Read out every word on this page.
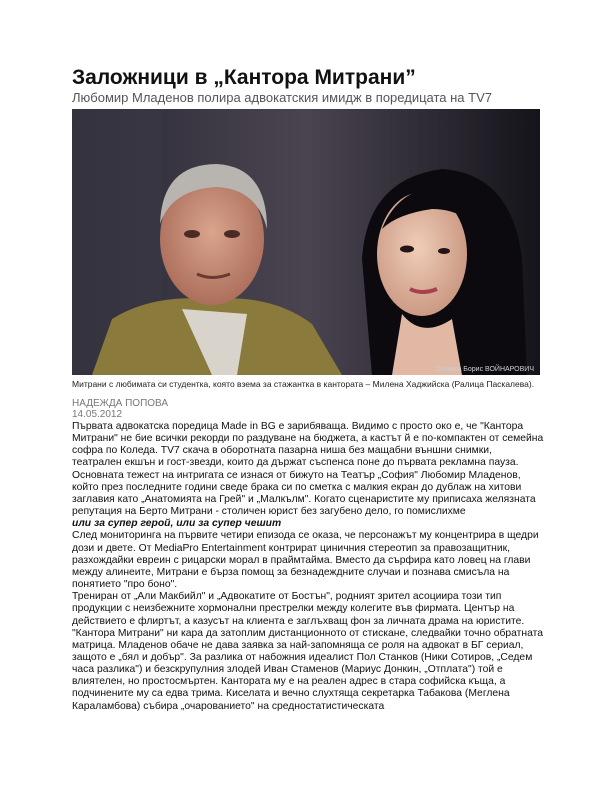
Заложници в „Кантора Митрани”
Любомир Младенов полира адвокатския имидж в поредицата на TV7
Снимка Борис ВОЙНАРОВИЧ

Митрани с любимата си студентка, която взема за стажантка в кантората – Милена Хаджийска (Ралица Паскалева).

НАДЕЖДА ПОПОВА
14.05.2012

Първата адвокатска поредица Made in BG е зарибяваща. Видимо с просто око е, че "Кантора Митрани" не бие всички рекорди по раздуване на бюджета, а кастът й е по-компактен от семейна софра по Коледа. TV7 скача в оборотната пазарна ниша без мащабни външни снимки, театрален екшън и гост-звезди, които да държат съспенса поне до първата рекламна пауза. Основната тежест на интригата се изнася от бижуто на Театър „София" Любомир Младенов, който през последните години сведе бракa си по сметка с малкия екран до дублаж на хитови заглавия като „Анатомията на Грей" и „Малкълм". Когато сценаристите му приписаха желязната репутация на Берто Митрани - столичен юрист без загубено дело, го помислихме

или за супер герой, или за супер чешит

След мониторинга на първите четири епизода се оказа, че персонажът му концентрира в щедри дози и двете. От MediaPro Entertainment контрират циничния стереотип за правозащитник, разхождайки евреин с рицарски морал в праймтайма. Вместо да сърфира като ловец на глави между алинеите, Митрани е бърза помощ за безнадеждните случаи и познава смисъла на понятието "про боно".

Трениран от „Али Макбийл" и „Адвокатите от Бостън", родният зрител асоциира този тип продукции с неизбежните хормонални престрелки между колегите във фирмата. Център на действието е флиртът, а казусът на клиента е заглъхващ фон за личната драма на юристите. "Кантора Митрани" ни кара да затоплим дистанционното от стискане, следвайки точно обратната матрица. Младенов обаче не дава заявка за най-запомняща се роля на адвокат в БГ сериал, защото е „бял и добър". За разлика от набожния идеалист Пол Станков (Ники Сотиров, „Седем часа разлика") и безскрупулния злодей Иван Стаменов (Мариус Донкин, „Отплата") той е влиятелен, но простосмъртен. Кантората му е на реален адрес в стара софийска къща, а подчинените му са едва трима. Киселата и вечно слухтяща секретарка Табакова (Меглена Караламбова) събира „очарованието" на средностатистическата
